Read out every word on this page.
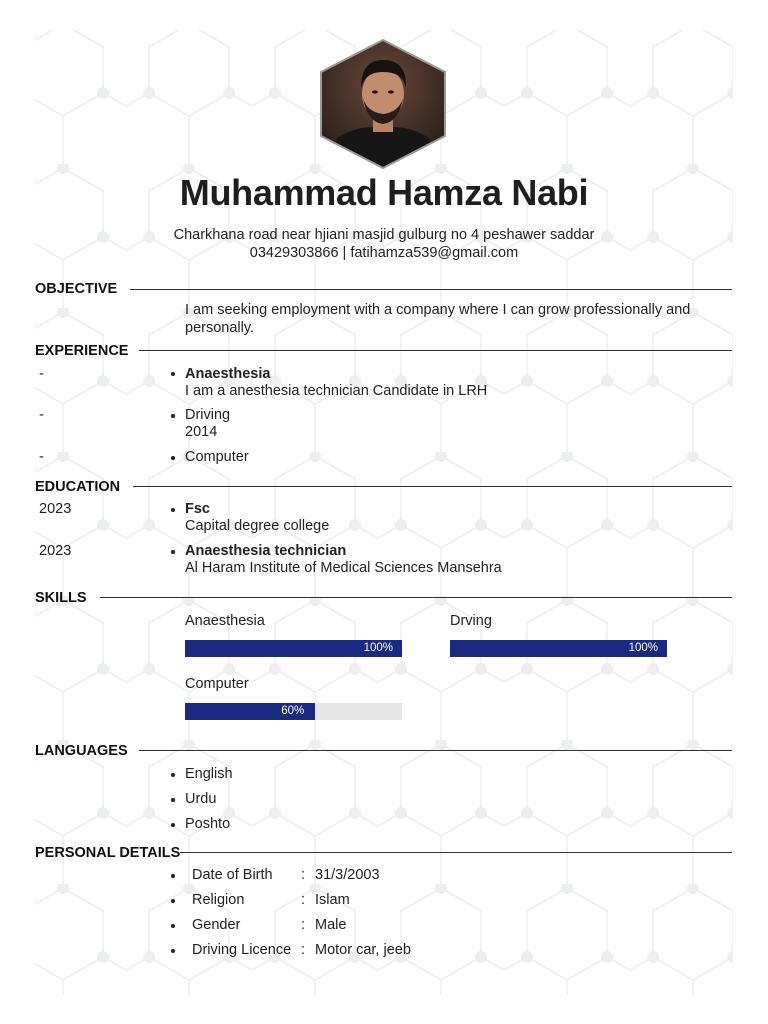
Muhammad Hamza Nabi
Charkhana road near hjiani masjid gulburg no 4 peshawer saddar
03429303866 | fatihamza539@gmail.com
OBJECTIVE
I am seeking employment with a company where I can grow professionally and personally.
EXPERIENCE
-	Anaesthesia
I am a anesthesia technician Candidate in LRH
-	Driving
2014
-	Computer
EDUCATION
2023	Fsc
Capital degree college
2023	Anaesthesia technician
Al Haram Institute of Medical Sciences Mansehra
SKILLS
Anaesthesia
100%
Drving
100%
Computer
60%
LANGUAGES
English
Urdu
Poshto
PERSONAL DETAILS
Date of Birth : 31/3/2003
Religion	: Islam
Gender	: Male
Driving Licence : Motor car, jeeb
